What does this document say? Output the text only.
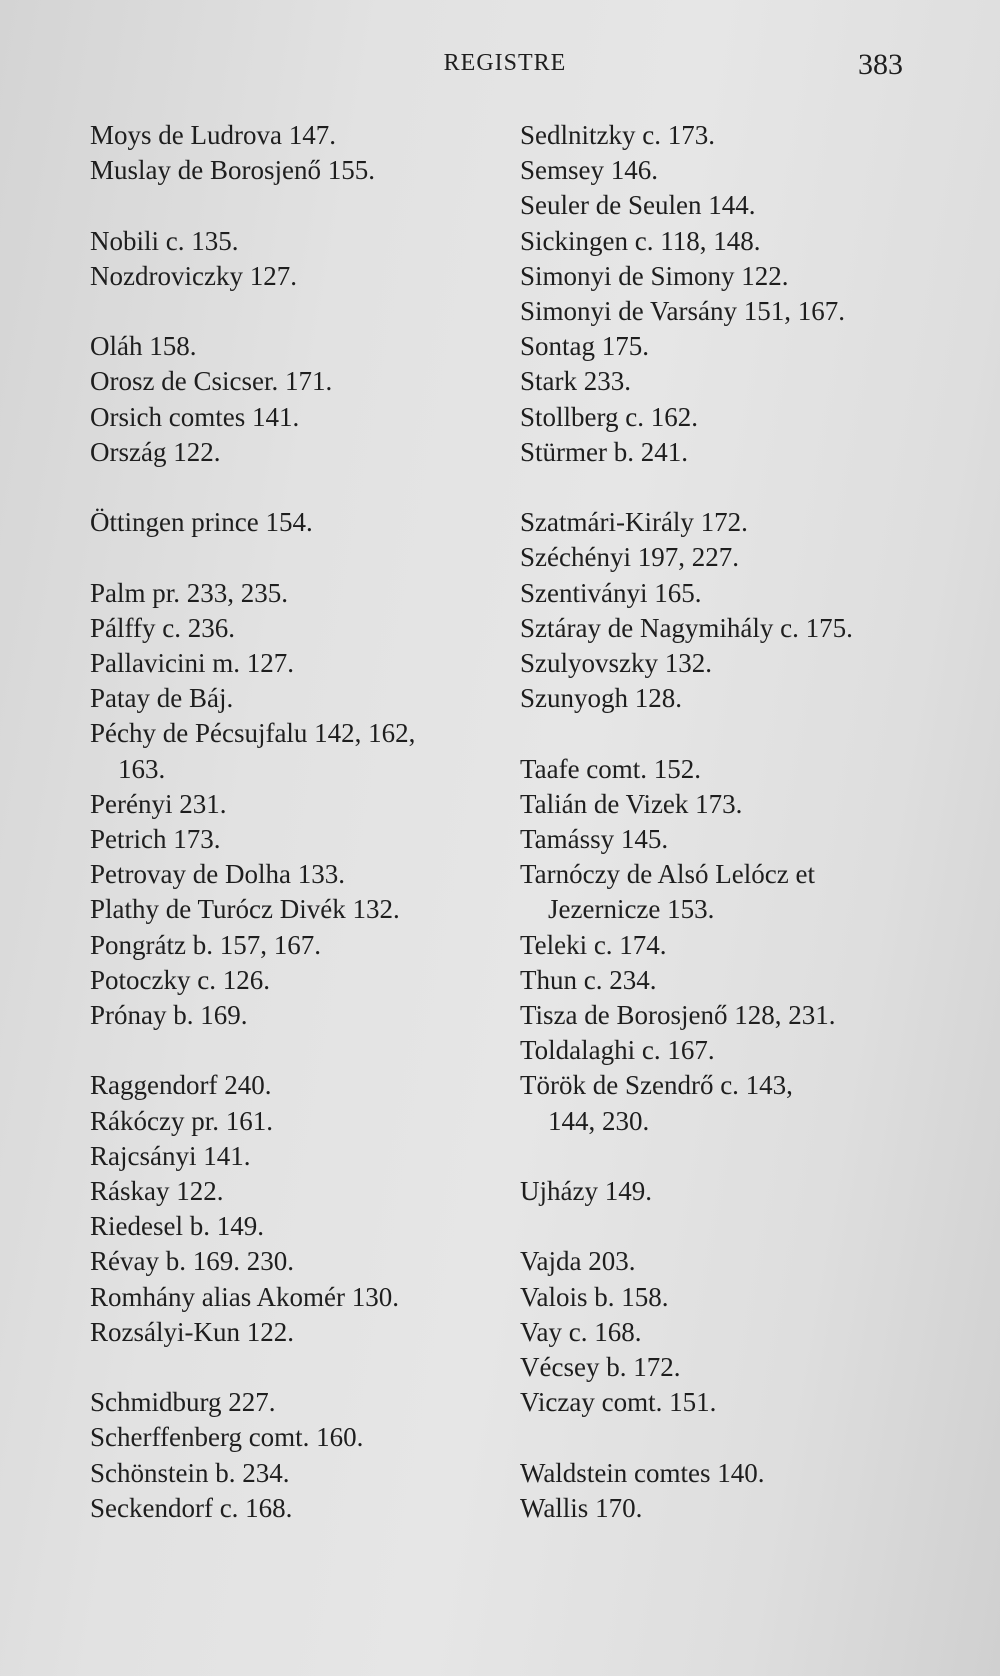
REGISTRE	383
Moys de Ludrova 147.
Muslay de Borosjenő 155.
Nobili c. 135.
Nozdroviczky 127.
Oláh 158.
Orosz de Csicser. 171.
Orsich comtes 141.
Ország 122.
Öttingen prince 154.
Palm pr. 233, 235.
Pálffy c. 236.
Pallavicini m. 127.
Patay de Báj.
Péchy de Pécsujfalu 142, 162,
163.
Perényi 231.
Petrich 173.
Petrovay de Dolha 133.
Plathy de Turócz Divék 132.
Pongrátz b. 157, 167.
Potoczky c. 126.
Prónay b. 169.
Raggendorf 240.
Rákóczy pr. 161.
Rajcsányi 141.
Ráskay 122.
Riedesel b. 149.
Révay b. 169. 230.
Romhány alias Akomér 130.
Rozsályi-Kun 122.
Schmidburg 227.
Scherffenberg comt. 160.
Schönstein b. 234.
Seckendorf c. 168.
Sedlnitzky c. 173.
Semsey 146.
Seuler de Seulen 144.
Sickingen c. 118, 148.
Simonyi de Simony 122.
Simonyi de Varsány 151, 167.
Sontag 175.
Stark 233.
Stollberg c. 162.
Stürmer b. 241.
Szatmári-Király 172.
Széchényi 197, 227.
Szentiványi 165.
Sztáray de Nagymihály c. 175.
Szulyovszky 132.
Szunyogh 128.
Taafe comt. 152.
Talián de Vizek 173.
Tamássy 145.
Tarnóczy de Alsó Lelócz et
Jezernicze 153.
Teleki c. 174.
Thun c. 234.
Tisza de Borosjenő 128, 231.
Toldalaghi c. 167.
Török de Szendrő c. 143,
144, 230.
Ujházy 149.
Vajda 203.
Valois b. 158.
Vay c. 168.
Vécsey b. 172.
Viczay comt. 151.
Waldstein comtes 140.
Wallis 170.
